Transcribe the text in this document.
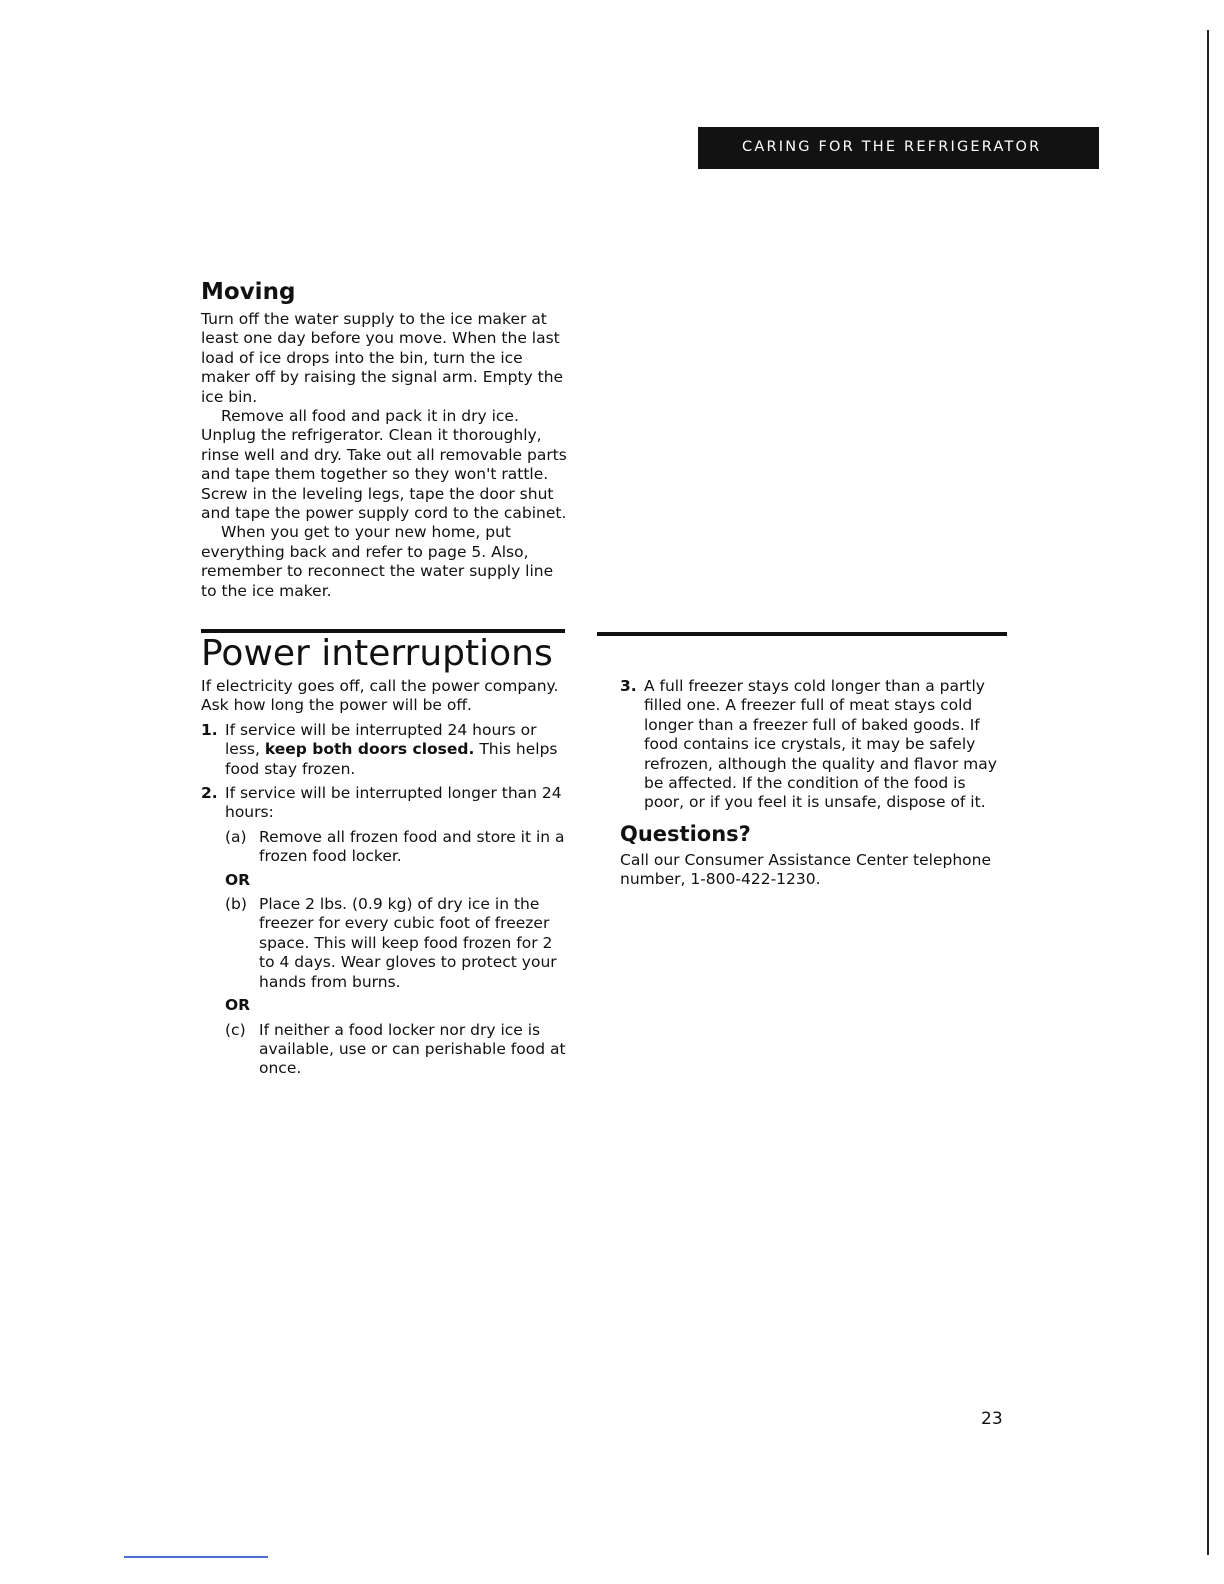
CARING FOR THE REFRIGERATOR
Moving

Turn off the water supply to the ice maker at least one day before you move. When the last load of ice drops into the bin, turn the ice maker off by raising the signal arm. Empty the ice bin.

Remove all food and pack it in dry ice. Unplug the refrigerator. Clean it thoroughly, rinse well and dry. Take out all removable parts and tape them together so they won't rattle. Screw in the leveling legs, tape the door shut and tape the power supply cord to the cabinet.

When you get to your new home, put everything back and refer to page 5. Also, remember to reconnect the water supply line to the ice maker.

Power interruptions

If electricity goes off, call the power company. Ask how long the power will be off.

1. If service will be interrupted 24 hours or less, keep both doors closed. This helps food stay frozen.
2. If service will be interrupted longer than 24 hours:
(a) Remove all frozen food and store it in a frozen food locker.
OR
(b) Place 2 lbs. (0.9 kg) of dry ice in the freezer for every cubic foot of freezer space. This will keep food frozen for 2 to 4 days. Wear gloves to protect your hands from burns.
OR
(c) If neither a food locker nor dry ice is available, use or can perishable food at once.
3. A full freezer stays cold longer than a partly filled one. A freezer full of meat stays cold longer than a freezer full of baked goods. If food contains ice crystals, it may be safely refrozen, although the quality and flavor may be affected. If the condition of the food is poor, or if you feel it is unsafe, dispose of it.
Questions?

Call our Consumer Assistance Center telephone number, 1-800-422-1230.

23
